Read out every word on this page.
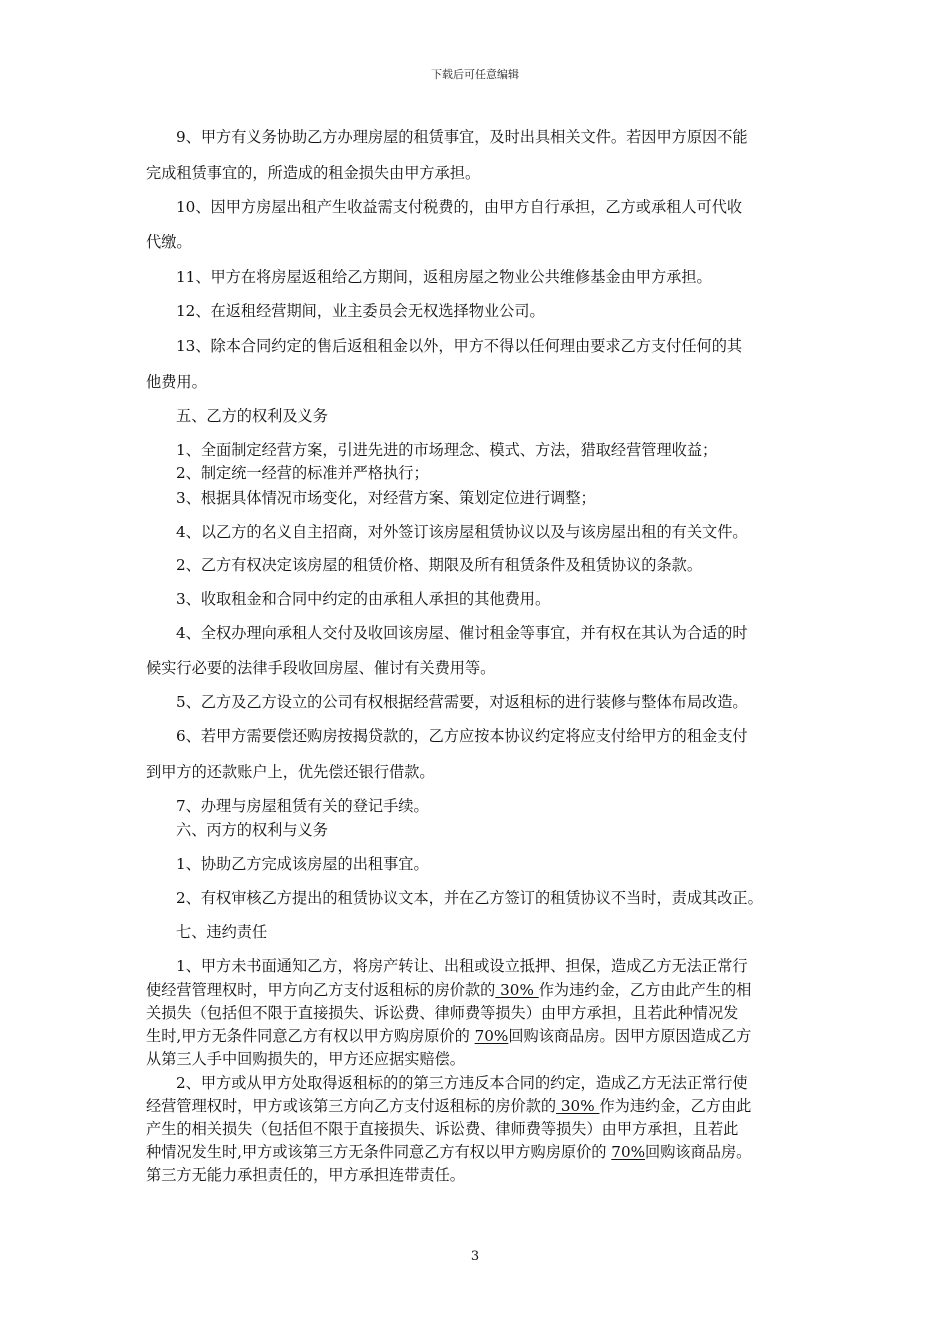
下载后可任意编辑
9、甲方有义务协助乙方办理房屋的租赁事宜，及时出具相关文件。若因甲方原因不能
完成租赁事宜的，所造成的租金损失由甲方承担。
10、因甲方房屋出租产生收益需支付税费的，由甲方自行承担，乙方或承租人可代收
代缴。
11、甲方在将房屋返租给乙方期间，返租房屋之物业公共维修基金由甲方承担。
12、在返租经营期间，业主委员会无权选择物业公司。
13、除本合同约定的售后返租租金以外，甲方不得以任何理由要求乙方支付任何的其
他费用。
五、乙方的权利及义务
1、全面制定经营方案，引进先进的市场理念、模式、方法，猎取经营管理收益；
2、制定统一经营的标准并严格执行；
3、根据具体情况市场变化，对经营方案、策划定位进行调整；
4、以乙方的名义自主招商，对外签订该房屋租赁协议以及与该房屋出租的有关文件。
2、乙方有权决定该房屋的租赁价格、期限及所有租赁条件及租赁协议的条款。
3、收取租金和合同中约定的由承租人承担的其他费用。
4、全权办理向承租人交付及收回该房屋、催讨租金等事宜，并有权在其认为合适的时
候实行必要的法律手段收回房屋、催讨有关费用等。
5、乙方及乙方设立的公司有权根据经营需要，对返租标的进行装修与整体布局改造。
6、若甲方需要偿还购房按揭贷款的，乙方应按本协议约定将应支付给甲方的租金支付
到甲方的还款账户上，优先偿还银行借款。
7、办理与房屋租赁有关的登记手续。
六、丙方的权利与义务
1、协助乙方完成该房屋的出租事宜。
2、有权审核乙方提出的租赁协议文本，并在乙方签订的租赁协议不当时，责成其改正。
七、违约责任
1、甲方未书面通知乙方，将房产转让、出租或设立抵押、担保，造成乙方无法正常行
使经营管理权时，甲方向乙方支付返租标的房价款的 30% 作为违约金，乙方由此产生的相
关损失（包括但不限于直接损失、诉讼费、律师费等损失）由甲方承担，且若此种情况发
生时,甲方无条件同意乙方有权以甲方购房原价的 70%回购该商品房。因甲方原因造成乙方
从第三人手中回购损失的，甲方还应据实赔偿。
2、甲方或从甲方处取得返租标的的第三方违反本合同的约定，造成乙方无法正常行使
经营管理权时，甲方或该第三方向乙方支付返租标的房价款的 30% 作为违约金，乙方由此
产生的相关损失（包括但不限于直接损失、诉讼费、律师费等损失）由甲方承担，且若此
种情况发生时,甲方或该第三方无条件同意乙方有权以甲方购房原价的 70%回购该商品房。
第三方无能力承担责任的，甲方承担连带责任。
3
